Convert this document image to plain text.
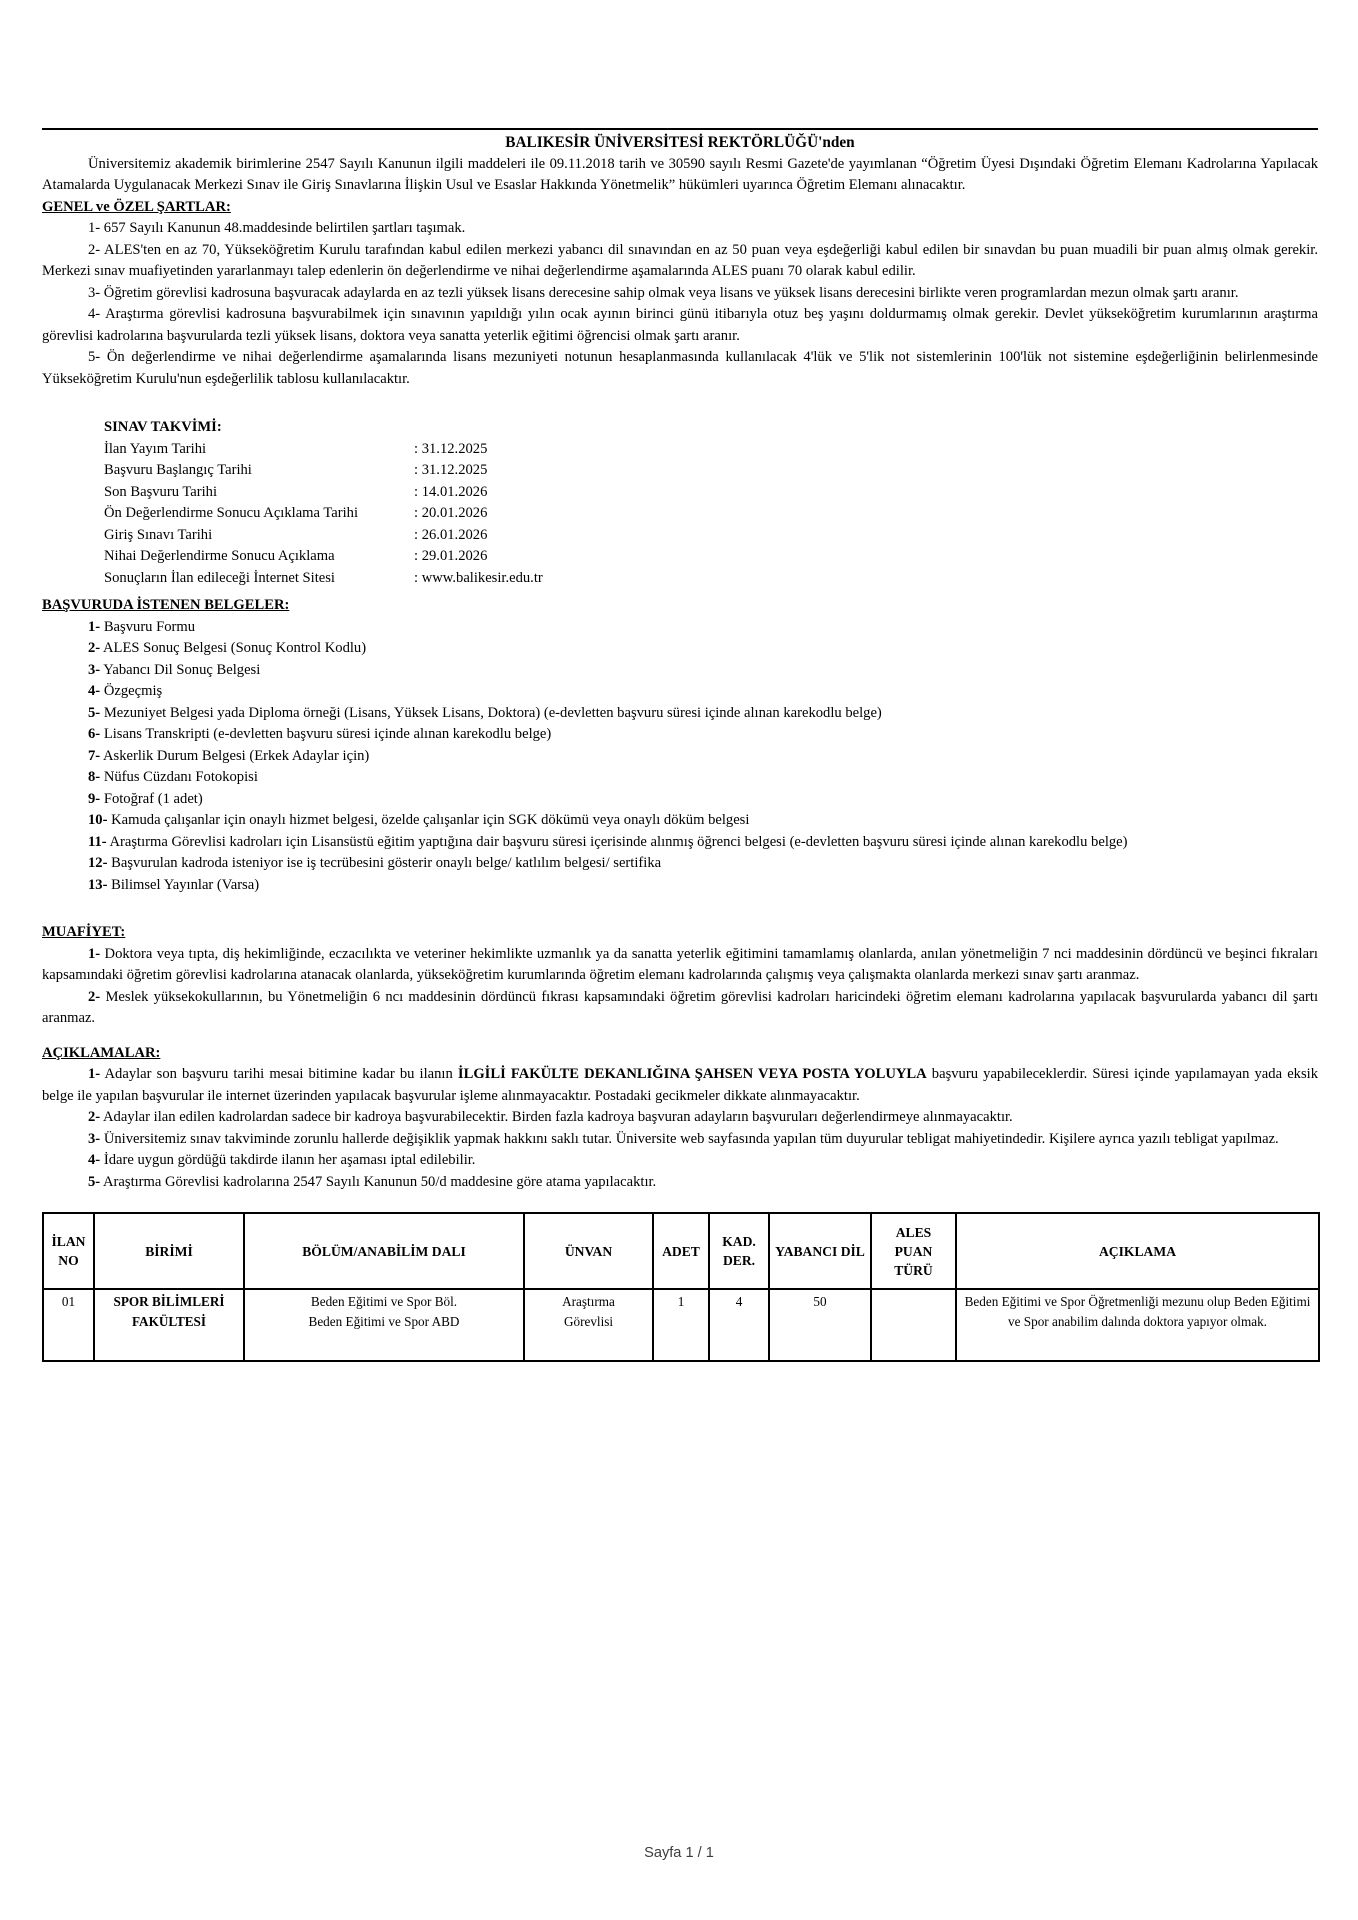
BALIKESİR ÜNİVERSİTESİ REKTÖRLÜĞÜ'nden

Üniversitemiz akademik birimlerine 2547 Sayılı Kanunun ilgili maddeleri ile 09.11.2018 tarih ve 30590 sayılı Resmi Gazete'de yayımlanan “Öğretim Üyesi Dışındaki Öğretim Elemanı Kadrolarına Yapılacak Atamalarda Uygulanacak Merkezi Sınav ile Giriş Sınavlarına İlişkin Usul ve Esaslar Hakkında Yönetmelik” hükümleri uyarınca Öğretim Elemanı alınacaktır.

GENEL ve ÖZEL ŞARTLAR:

1- 657 Sayılı Kanunun 48.maddesinde belirtilen şartları taşımak.

2- ALES'ten en az 70, Yükseköğretim Kurulu tarafından kabul edilen merkezi yabancı dil sınavından en az 50 puan veya eşdeğerliği kabul edilen bir sınavdan bu puan muadili bir puan almış olmak gerekir. Merkezi sınav muafiyetinden yararlanmayı talep edenlerin ön değerlendirme ve nihai değerlendirme aşamalarında ALES puanı 70 olarak kabul edilir.

3- Öğretim görevlisi kadrosuna başvuracak adaylarda en az tezli yüksek lisans derecesine sahip olmak veya lisans ve yüksek lisans derecesini birlikte veren programlardan mezun olmak şartı aranır.

4- Araştırma görevlisi kadrosuna başvurabilmek için sınavının yapıldığı yılın ocak ayının birinci günü itibarıyla otuz beş yaşını doldurmamış olmak gerekir. Devlet yükseköğretim kurumlarının araştırma görevlisi kadrolarına başvurularda tezli yüksek lisans, doktora veya sanatta yeterlik eğitimi öğrencisi olmak şartı aranır.

5- Ön değerlendirme ve nihai değerlendirme aşamalarında lisans mezuniyeti notunun hesaplanmasında kullanılacak 4'lük ve 5'lik not sistemlerinin 100'lük not sistemine eşdeğerliğinin belirlenmesinde Yükseköğretim Kurulu'nun eşdeğerlilik tablosu kullanılacaktır.

SINAV TAKVİMİ:

İlan Yayım Tarihi	: 31.12.2025

Başvuru Başlangıç Tarihi	: 31.12.2025

Son Başvuru Tarihi	: 14.01.2026

Ön Değerlendirme Sonucu Açıklama Tarihi	: 20.01.2026

Giriş Sınavı Tarihi	: 26.01.2026

Nihai Değerlendirme Sonucu Açıklama	: 29.01.2026

Sonuçların İlan edileceği İnternet Sitesi	: www.balikesir.edu.tr

BAŞVURUDA İSTENEN BELGELER:

1- Başvuru Formu

2- ALES Sonuç Belgesi (Sonuç Kontrol Kodlu)

3- Yabancı Dil Sonuç Belgesi

4- Özgeçmiş

5- Mezuniyet Belgesi yada Diploma örneği (Lisans, Yüksek Lisans, Doktora) (e-devletten başvuru süresi içinde alınan karekodlu belge)

6- Lisans Transkripti (e-devletten başvuru süresi içinde alınan karekodlu belge)

7- Askerlik Durum Belgesi (Erkek Adaylar için)

8- Nüfus Cüzdanı Fotokopisi

9- Fotoğraf (1 adet)

10- Kamuda çalışanlar için onaylı hizmet belgesi, özelde çalışanlar için SGK dökümü veya onaylı döküm belgesi

11- Araştırma Görevlisi kadroları için Lisansüstü eğitim yaptığına dair başvuru süresi içerisinde alınmış öğrenci belgesi (e-devletten başvuru süresi içinde alınan karekodlu belge)

12- Başvurulan kadroda isteniyor ise iş tecrübesini gösterir onaylı belge/ katlılım belgesi/ sertifika

13- Bilimsel Yayınlar (Varsa)

MUAFİYET:

1- Doktora veya tıpta, diş hekimliğinde, eczacılıkta ve veteriner hekimlikte uzmanlık ya da sanatta yeterlik eğitimini tamamlamış olanlarda, anılan yönetmeliğin 7 nci maddesinin dördüncü ve beşinci fıkraları kapsamındaki öğretim görevlisi kadrolarına atanacak olanlarda, yükseköğretim kurumlarında öğretim elemanı kadrolarında çalışmış veya çalışmakta olanlarda merkezi sınav şartı aranmaz.

2- Meslek yüksekokullarının, bu Yönetmeliğin 6 ncı maddesinin dördüncü fıkrası kapsamındaki öğretim görevlisi kadroları haricindeki öğretim elemanı kadrolarına yapılacak başvurularda yabancı dil şartı aranmaz.

AÇIKLAMALAR:

1- Adaylar son başvuru tarihi mesai bitimine kadar bu ilanın İLGİLİ FAKÜLTE DEKANLIĞINA ŞAHSEN VEYA POSTA YOLUYLA başvuru yapabileceklerdir. Süresi içinde yapılamayan yada eksik belge ile yapılan başvurular ile internet üzerinden yapılacak başvurular işleme alınmayacaktır. Postadaki gecikmeler dikkate alınmayacaktır.

2- Adaylar ilan edilen kadrolardan sadece bir kadroya başvurabilecektir. Birden fazla kadroya başvuran adayların başvuruları değerlendirmeye alınmayacaktır.

3- Üniversitemiz sınav takviminde zorunlu hallerde değişiklik yapmak hakkını saklı tutar. Üniversite web sayfasında yapılan tüm duyurular tebligat mahiyetindedir. Kişilere ayrıca yazılı tebligat yapılmaz.

4- İdare uygun gördüğü takdirde ilanın her aşaması iptal edilebilir.

5- Araştırma Görevlisi kadrolarına 2547 Sayılı Kanunun 50/d maddesine göre atama yapılacaktır.

İLAN NO	BİRİMİ	BÖLÜM/ANABİLİM DALI	ÜNVAN	ADET	KAD. DER.	YABANCI DİL	ALES PUAN TÜRÜ	AÇIKLAMA
01	SPOR BİLİMLERİ FAKÜLTESİ	Beden Eğitimi ve Spor Böl.
Beden Eğitimi ve Spor ABD	Araştırma
Görevlisi	1	4	50		Beden Eğitimi ve Spor Öğretmenliği mezunu olup Beden Eğitimi ve Spor anabilim dalında doktora yapıyor olmak.
Sayfa 1 / 1
